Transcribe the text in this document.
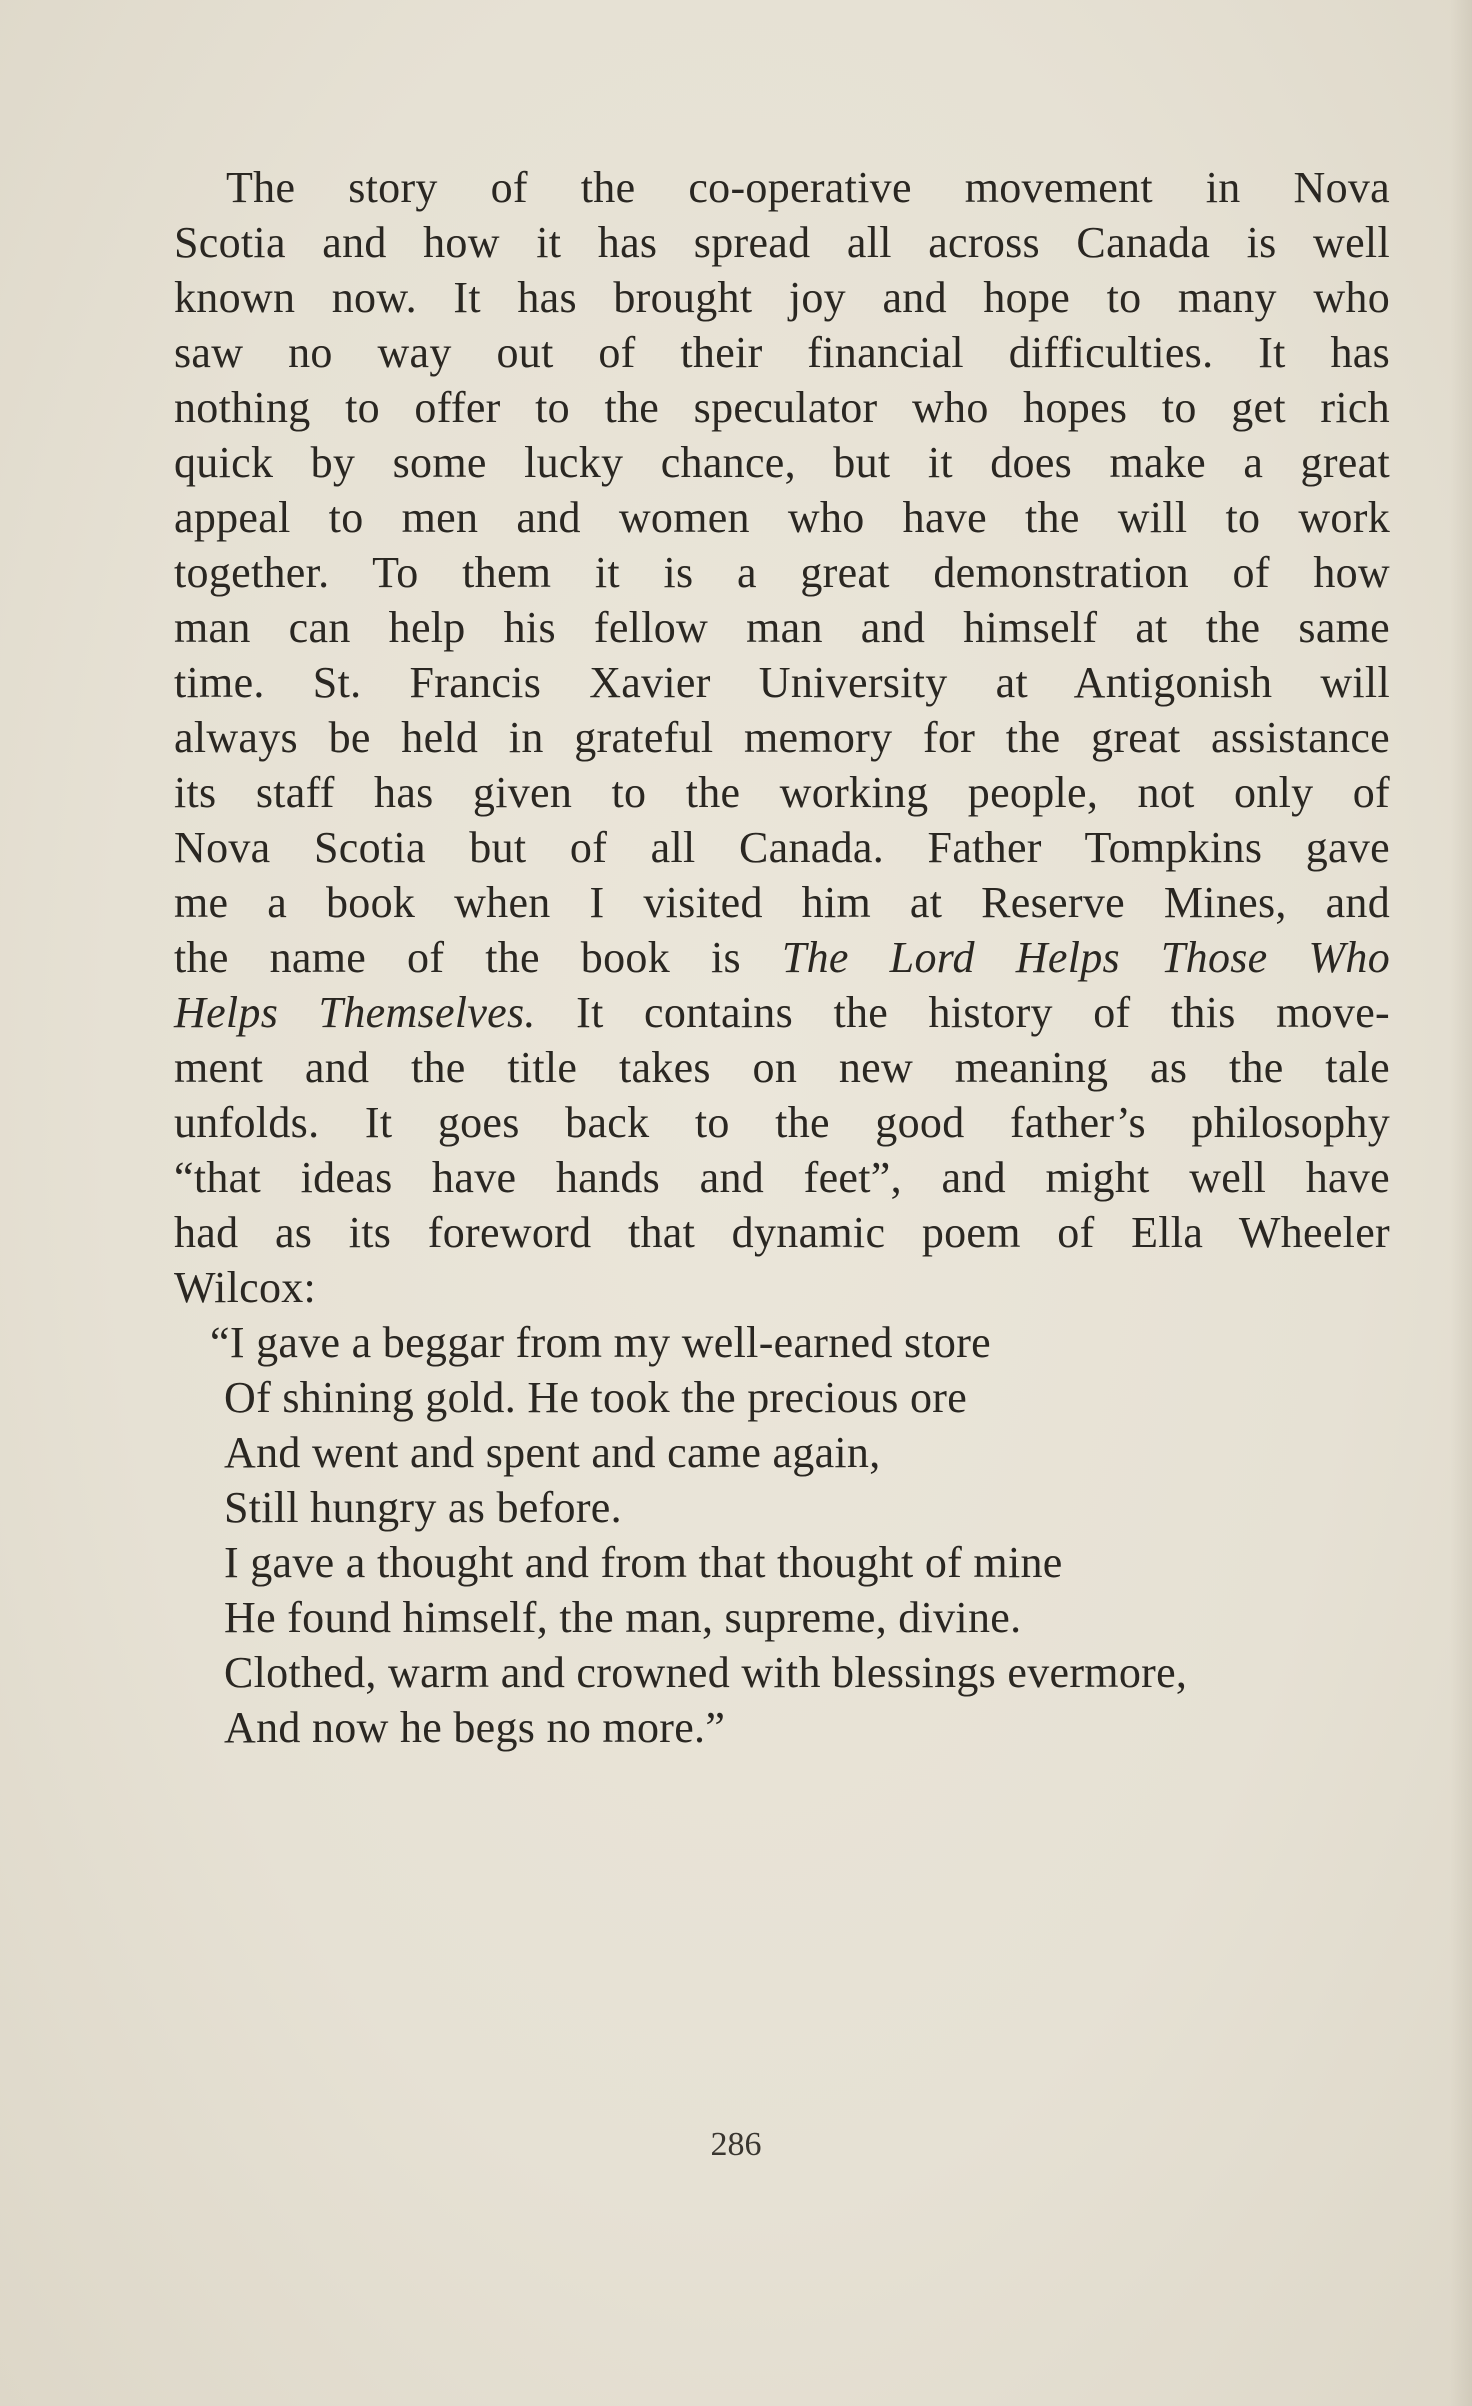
The story of the co-operative movement in Nova
Scotia and how it has spread all across Canada is well
known now. It has brought joy and hope to many who
saw no way out of their financial difficulties. It has
nothing to offer to the speculator who hopes to get rich
quick by some lucky chance, but it does make a great
appeal to men and women who have the will to work
together. To them it is a great demonstration of how
man can help his fellow man and himself at the same
time. St. Francis Xavier University at Antigonish will
always be held in grateful memory for the great assistance
its staff has given to the working people, not only of
Nova Scotia but of all Canada. Father Tompkins gave
me a book when I visited him at Reserve Mines, and
the name of the book is The Lord Helps Those Who
Helps Themselves. It contains the history of this move-
ment and the title takes on new meaning as the tale
unfolds. It goes back to the good father’s philosophy
“that ideas have hands and feet”, and might well have
had as its foreword that dynamic poem of Ella Wheeler
Wilcox:
“I gave a beggar from my well-earned store
Of shining gold. He took the precious ore
And went and spent and came again,
Still hungry as before.
I gave a thought and from that thought of mine
He found himself, the man, supreme, divine.
Clothed, warm and crowned with blessings evermore,
And now he begs no more.”
286
